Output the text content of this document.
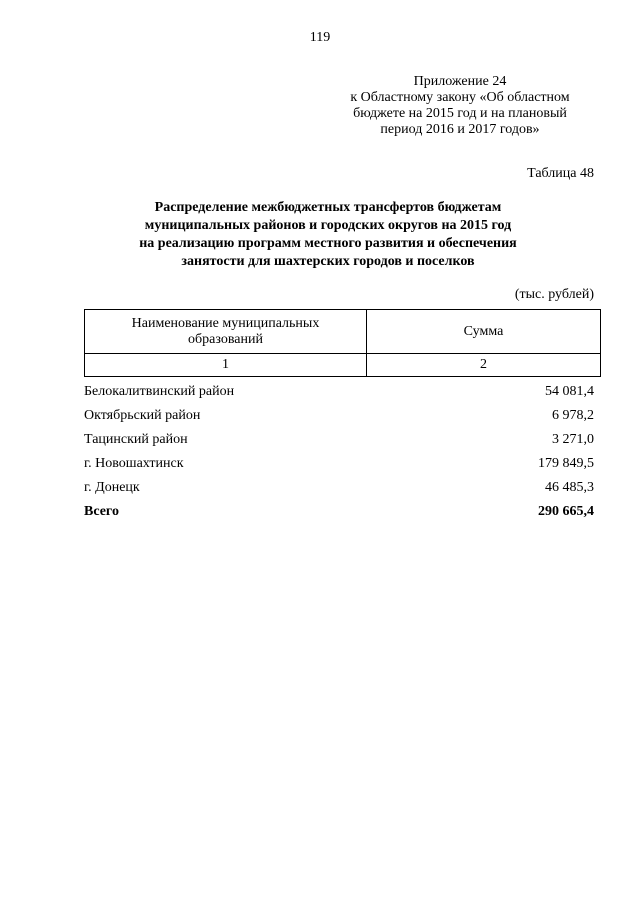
119
Приложение 24
к Областному закону «Об областном
бюджете на 2015 год и на плановый
период 2016 и 2017 годов»
Таблица 48
Распределение межбюджетных трансфертов бюджетам
муниципальных районов и городских округов на 2015 год
на реализацию программ местного развития и обеспечения
занятости для шахтерских городов и поселков
(тыс. рублей)
Наименование муниципальных
образований	Сумма
1	2
Белокалитвинский район	54 081,4
Октябрьский район	6 978,2
Тацинский район	3 271,0
г. Новошахтинск	179 849,5
г. Донецк	46 485,3
Всего	290 665,4
